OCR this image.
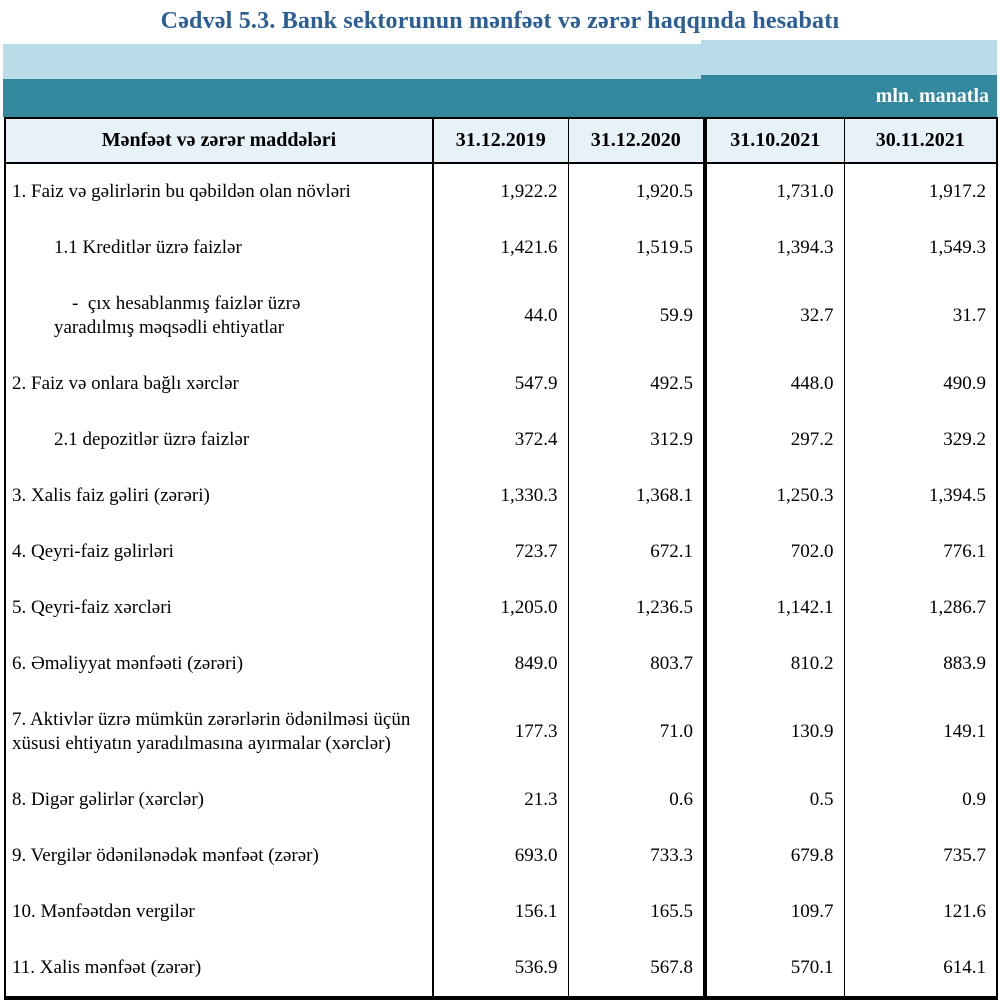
Cədvəl 5.3. Bank sektorunun mənfəət və zərər haqqında hesabatı
mln. manatla
Mənfəət və zərər maddələri	31.12.2019	31.12.2020	31.10.2021	30.11.2021

1. Faiz və gəlirlərin bu qəbildən olan növləri	1,922.2	1,920.5	1,731.0	1,917.2

1.1 Kreditlər üzrə faizlər	1,421.6	1,519.5	1,394.3	1,549.3

-  çıx hesablanmış faizlər üzrə
yaradılmış məqsədli ehtiyatlar	44.0	59.9	32.7	31.7

2. Faiz və onlara bağlı xərclər	547.9	492.5	448.0	490.9

2.1 depozitlər üzrə faizlər	372.4	312.9	297.2	329.2

3. Xalis faiz gəliri (zərəri)	1,330.3	1,368.1	1,250.3	1,394.5

4. Qeyri-faiz gəlirləri	723.7	672.1	702.0	776.1

5. Qeyri-faiz xərcləri	1,205.0	1,236.5	1,142.1	1,286.7

6. Əməliyyat mənfəəti (zərəri)	849.0	803.7	810.2	883.9

7. Aktivlər üzrə mümkün zərərlərin ödənilməsi üçün xüsusi ehtiyatın yaradılmasına ayırmalar (xərclər)	177.3	71.0	130.9	149.1

8. Digər gəlirlər (xərclər)	21.3	0.6	0.5	0.9

9. Vergilər ödənilənədək mənfəət (zərər)	693.0	733.3	679.8	735.7

10. Mənfəətdən vergilər	156.1	165.5	109.7	121.6

11. Xalis mənfəət (zərər)	536.9	567.8	570.1	614.1
